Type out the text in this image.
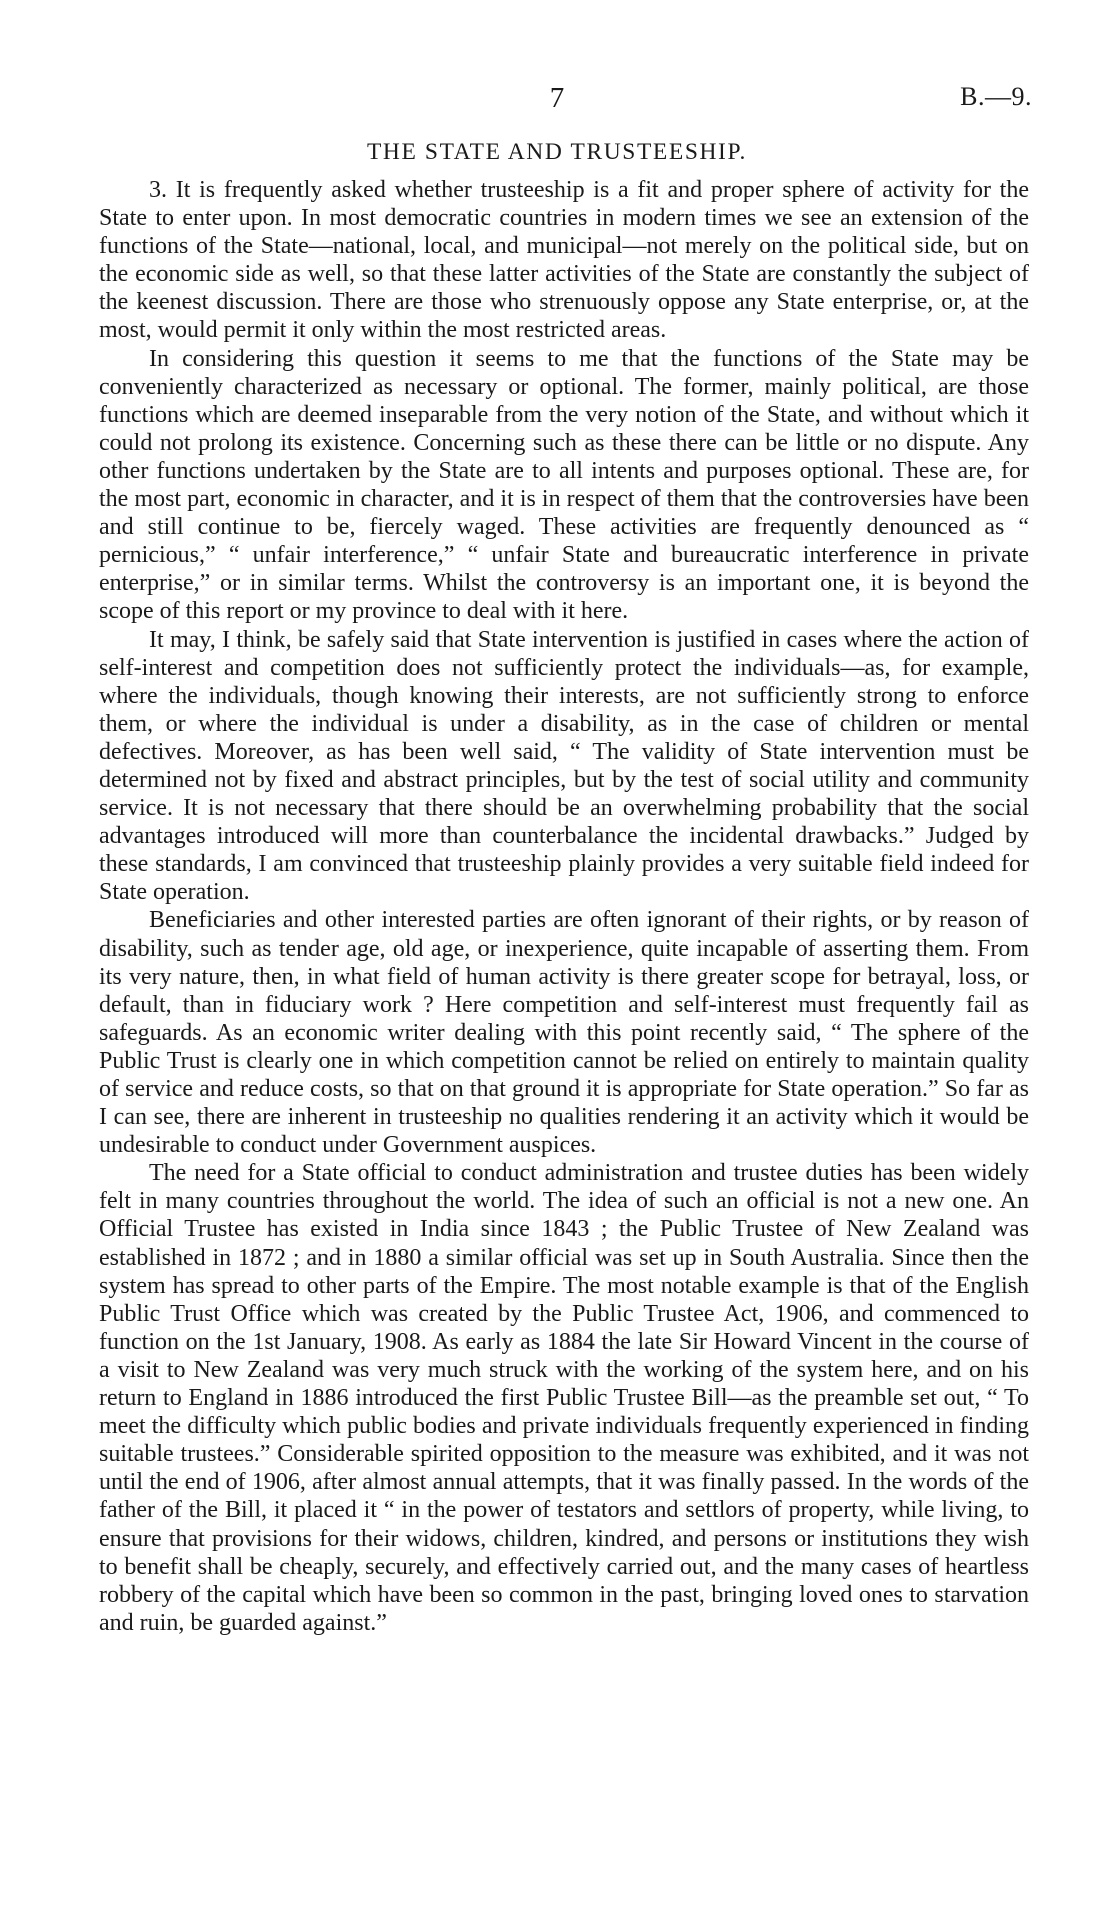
7	B.—9.
THE STATE AND TRUSTEESHIP.

3. It is frequently asked whether trusteeship is a fit and proper sphere of activity for the State to enter upon. In most democratic countries in modern times we see an extension of the functions of the State—national, local, and municipal—not merely on the political side, but on the economic side as well, so that these latter activities of the State are constantly the subject of the keenest discussion. There are those who strenuously oppose any State enterprise, or, at the most, would permit it only within the most restricted areas.

In considering this question it seems to me that the functions of the State may be conveniently characterized as necessary or optional. The former, mainly political, are those functions which are deemed inseparable from the very notion of the State, and without which it could not prolong its existence. Concerning such as these there can be little or no dispute. Any other functions undertaken by the State are to all intents and purposes optional. These are, for the most part, economic in character, and it is in respect of them that the controversies have been and still continue to be, fiercely waged. These activities are frequently denounced as “ pernicious,” “ unfair interference,” “ unfair State and bureaucratic interference in private enterprise,” or in similar terms. Whilst the controversy is an important one, it is beyond the scope of this report or my province to deal with it here.

It may, I think, be safely said that State intervention is justified in cases where the action of self-interest and competition does not sufficiently protect the individuals—as, for example, where the individuals, though knowing their interests, are not sufficiently strong to enforce them, or where the individual is under a disability, as in the case of children or mental defectives. Moreover, as has been well said, “ The validity of State intervention must be determined not by fixed and abstract principles, but by the test of social utility and community service. It is not necessary that there should be an overwhelming probability that the social advantages introduced will more than counterbalance the incidental drawbacks.” Judged by these standards, I am convinced that trusteeship plainly provides a very suitable field indeed for State operation.

Beneficiaries and other interested parties are often ignorant of their rights, or by reason of disability, such as tender age, old age, or inexperience, quite incapable of asserting them. From its very nature, then, in what field of human activity is there greater scope for betrayal, loss, or default, than in fiduciary work ? Here competition and self-interest must frequently fail as safeguards. As an economic writer dealing with this point recently said, “ The sphere of the Public Trust is clearly one in which competition cannot be relied on entirely to maintain quality of service and reduce costs, so that on that ground it is appropriate for State operation.” So far as I can see, there are inherent in trusteeship no qualities rendering it an activity which it would be undesirable to conduct under Government auspices.

The need for a State official to conduct administration and trustee duties has been widely felt in many countries throughout the world. The idea of such an official is not a new one. An Official Trustee has existed in India since 1843 ; the Public Trustee of New Zealand was established in 1872 ; and in 1880 a similar official was set up in South Australia. Since then the system has spread to other parts of the Empire. The most notable example is that of the English Public Trust Office which was created by the Public Trustee Act, 1906, and commenced to function on the 1st January, 1908. As early as 1884 the late Sir Howard Vincent in the course of a visit to New Zealand was very much struck with the working of the system here, and on his return to England in 1886 introduced the first Public Trustee Bill—as the preamble set out, “ To meet the difficulty which public bodies and private individuals frequently experienced in finding suitable trustees.” Considerable spirited opposition to the measure was exhibited, and it was not until the end of 1906, after almost annual attempts, that it was finally passed. In the words of the father of the Bill, it placed it “ in the power of testators and settlors of property, while living, to ensure that provisions for their widows, children, kindred, and persons or institutions they wish to benefit shall be cheaply, securely, and effectively carried out, and the many cases of heartless robbery of the capital which have been so common in the past, bringing loved ones to starvation and ruin, be guarded against.”
